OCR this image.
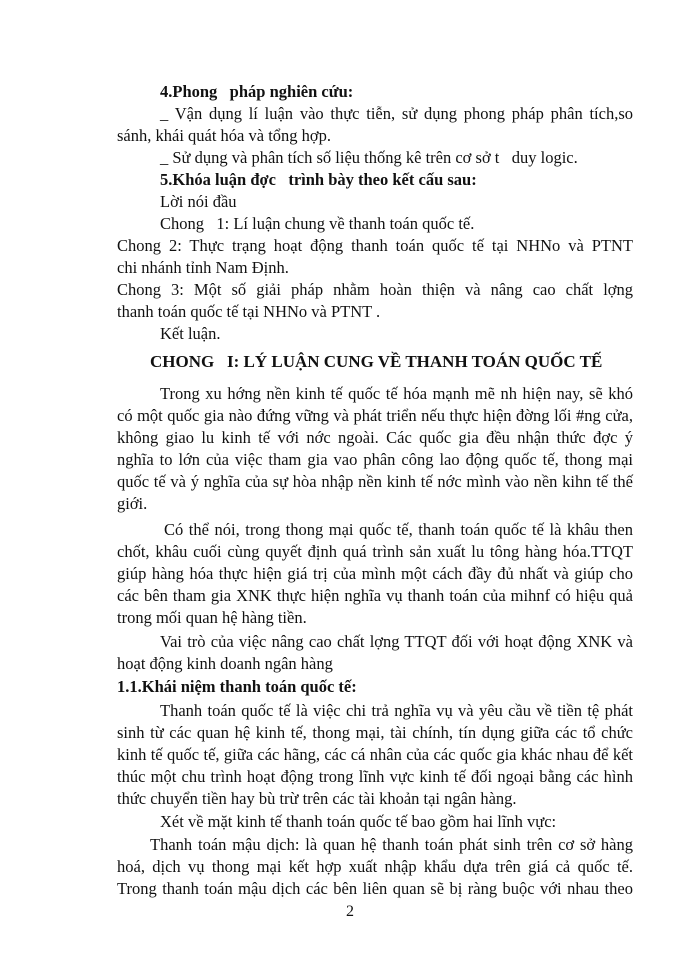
4.Phong   pháp nghiên cứu:
_ Vận dụng lí luận vào thực tiễn, sử dụng phong pháp phân tích,so
sánh, khái quát hóa và tổng hợp.
_ Sử dụng và phân tích số liệu thống kê trên cơ sở t   duy logic.
5.Khóa luận đợc   trình bày theo kết cấu sau:
Lời nói đầu
Chong   1: Lí luận chung về thanh toán quốc tế.
Chong 2: Thực trạng hoạt động thanh toán quốc tế tại NHNo và PTNT
chi nhánh tỉnh Nam Định.
Chong 3: Một số giải pháp nhằm hoàn thiện và nâng cao chất lợng
thanh toán quốc tế tại NHNo và PTNT .
Kết luận.
CHONG   I: LÝ LUẬN CUNG VỀ THANH TOÁN QUỐC TẾ
Trong xu hớng nền kinh tế quốc tế hóa mạnh mẽ nh hiện nay, sẽ khó
có một quốc gia nào đứng vững và phát triển nếu thực hiện đờng lối #ng cửa,
không giao lu kinh tế với nớc ngoài. Các quốc gia đều nhận thức đợc ý
nghĩa to lớn của việc tham gia vao phân công lao động quốc tế, thong mại
quốc tế và ý nghĩa của sự hòa nhập nền kinh tế nớc mình vào nền kihn tế thế
giới.
Có thể nói, trong thong mại quốc tế, thanh toán quốc tế là khâu then
chốt, khâu cuối cùng quyết định quá trình sản xuất lu tông hàng hóa.TTQT
giúp hàng hóa thực hiện giá trị của mình một cách đầy đủ nhất và giúp cho
các bên tham gia XNK thực hiện nghĩa vụ thanh toán của mihnf có hiệu quả
trong mối quan hệ hàng tiền.
Vai trò của việc nâng cao chất lợng TTQT đối với hoạt động XNK và
hoạt động kinh doanh ngân hàng
1.1.Khái niệm thanh toán quốc tế:
Thanh toán quốc tế là việc chi trả nghĩa vụ và yêu cầu về tiền tệ phát
sinh từ các quan hệ kinh tế, thong mại, tài chính, tín dụng giữa các tổ chức
kinh tế quốc tế, giữa các hãng, các cá nhân của các quốc gia khác nhau để kết
thúc một chu trình hoạt động trong lĩnh vực kinh tế đối ngoại bằng các hình
thức chuyển tiền hay bù trừ trên các tài khoản tại ngân hàng.
Xét về mặt kinh tế thanh toán quốc tế bao gồm hai lĩnh vực:
Thanh toán mậu dịch: là quan hệ thanh toán phát sinh trên cơ sở hàng
hoá, dịch vụ thong mại kết hợp xuất nhập khẩu dựa trên giá cả quốc tế.
Trong thanh toán mậu dịch các bên liên quan sẽ bị ràng buộc với nhau theo
2
